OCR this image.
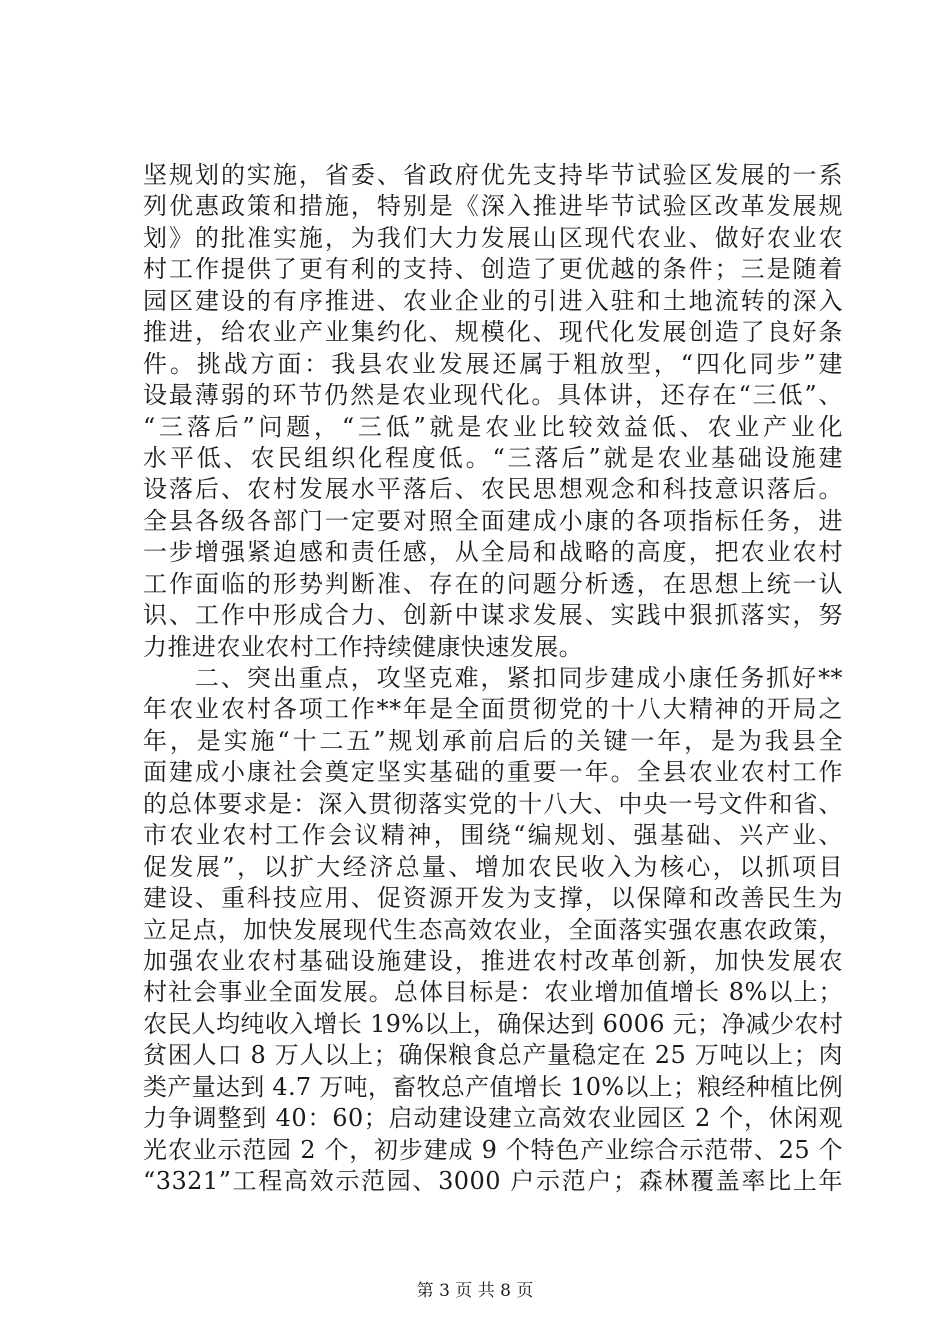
坚规划的实施，省委、省政府优先支持毕节试验区发展的一系
列优惠政策和措施，特别是《深入推进毕节试验区改革发展规
划》的批准实施，为我们大力发展山区现代农业、做好农业农
村工作提供了更有利的支持、创造了更优越的条件；三是随着
园区建设的有序推进、农业企业的引进入驻和土地流转的深入
推进，给农业产业集约化、规模化、现代化发展创造了良好条
件。挑战方面：我县农业发展还属于粗放型，“四化同步”建
设最薄弱的环节仍然是农业现代化。具体讲，还存在“三低”、
“三落后”问题，“三低”就是农业比较效益低、农业产业化
水平低、农民组织化程度低。“三落后”就是农业基础设施建
设落后、农村发展水平落后、农民思想观念和科技意识落后。
全县各级各部门一定要对照全面建成小康的各项指标任务，进
一步增强紧迫感和责任感，从全局和战略的高度，把农业农村
工作面临的形势判断准、存在的问题分析透，在思想上统一认
识、工作中形成合力、创新中谋求发展、实践中狠抓落实，努
力推进农业农村工作持续健康快速发展。
　　二、突出重点，攻坚克难，紧扣同步建成小康任务抓好**
年农业农村各项工作**年是全面贯彻党的十八大精神的开局之
年，是实施“十二五”规划承前启后的关键一年，是为我县全
面建成小康社会奠定坚实基础的重要一年。全县农业农村工作
的总体要求是：深入贯彻落实党的十八大、中央一号文件和省、
市农业农村工作会议精神，围绕“编规划、强基础、兴产业、
促发展”，以扩大经济总量、增加农民收入为核心，以抓项目
建设、重科技应用、促资源开发为支撑，以保障和改善民生为
立足点，加快发展现代生态高效农业，全面落实强农惠农政策，
加强农业农村基础设施建设，推进农村改革创新，加快发展农
村社会事业全面发展。总体目标是：农业增加值增长 8%以上；
农民人均纯收入增长 19%以上，确保达到 6006 元；净减少农村
贫困人口 8 万人以上；确保粮食总产量稳定在 25 万吨以上；肉
类产量达到 4.7 万吨，畜牧总产值增长 10%以上；粮经种植比例
力争调整到 40：60；启动建设建立高效农业园区 2 个，休闲观
光农业示范园 2 个，初步建成 9 个特色产业综合示范带、25 个
“3321”工程高效示范园、3000 户示范户；森林覆盖率比上年
第 3 页 共 8 页
